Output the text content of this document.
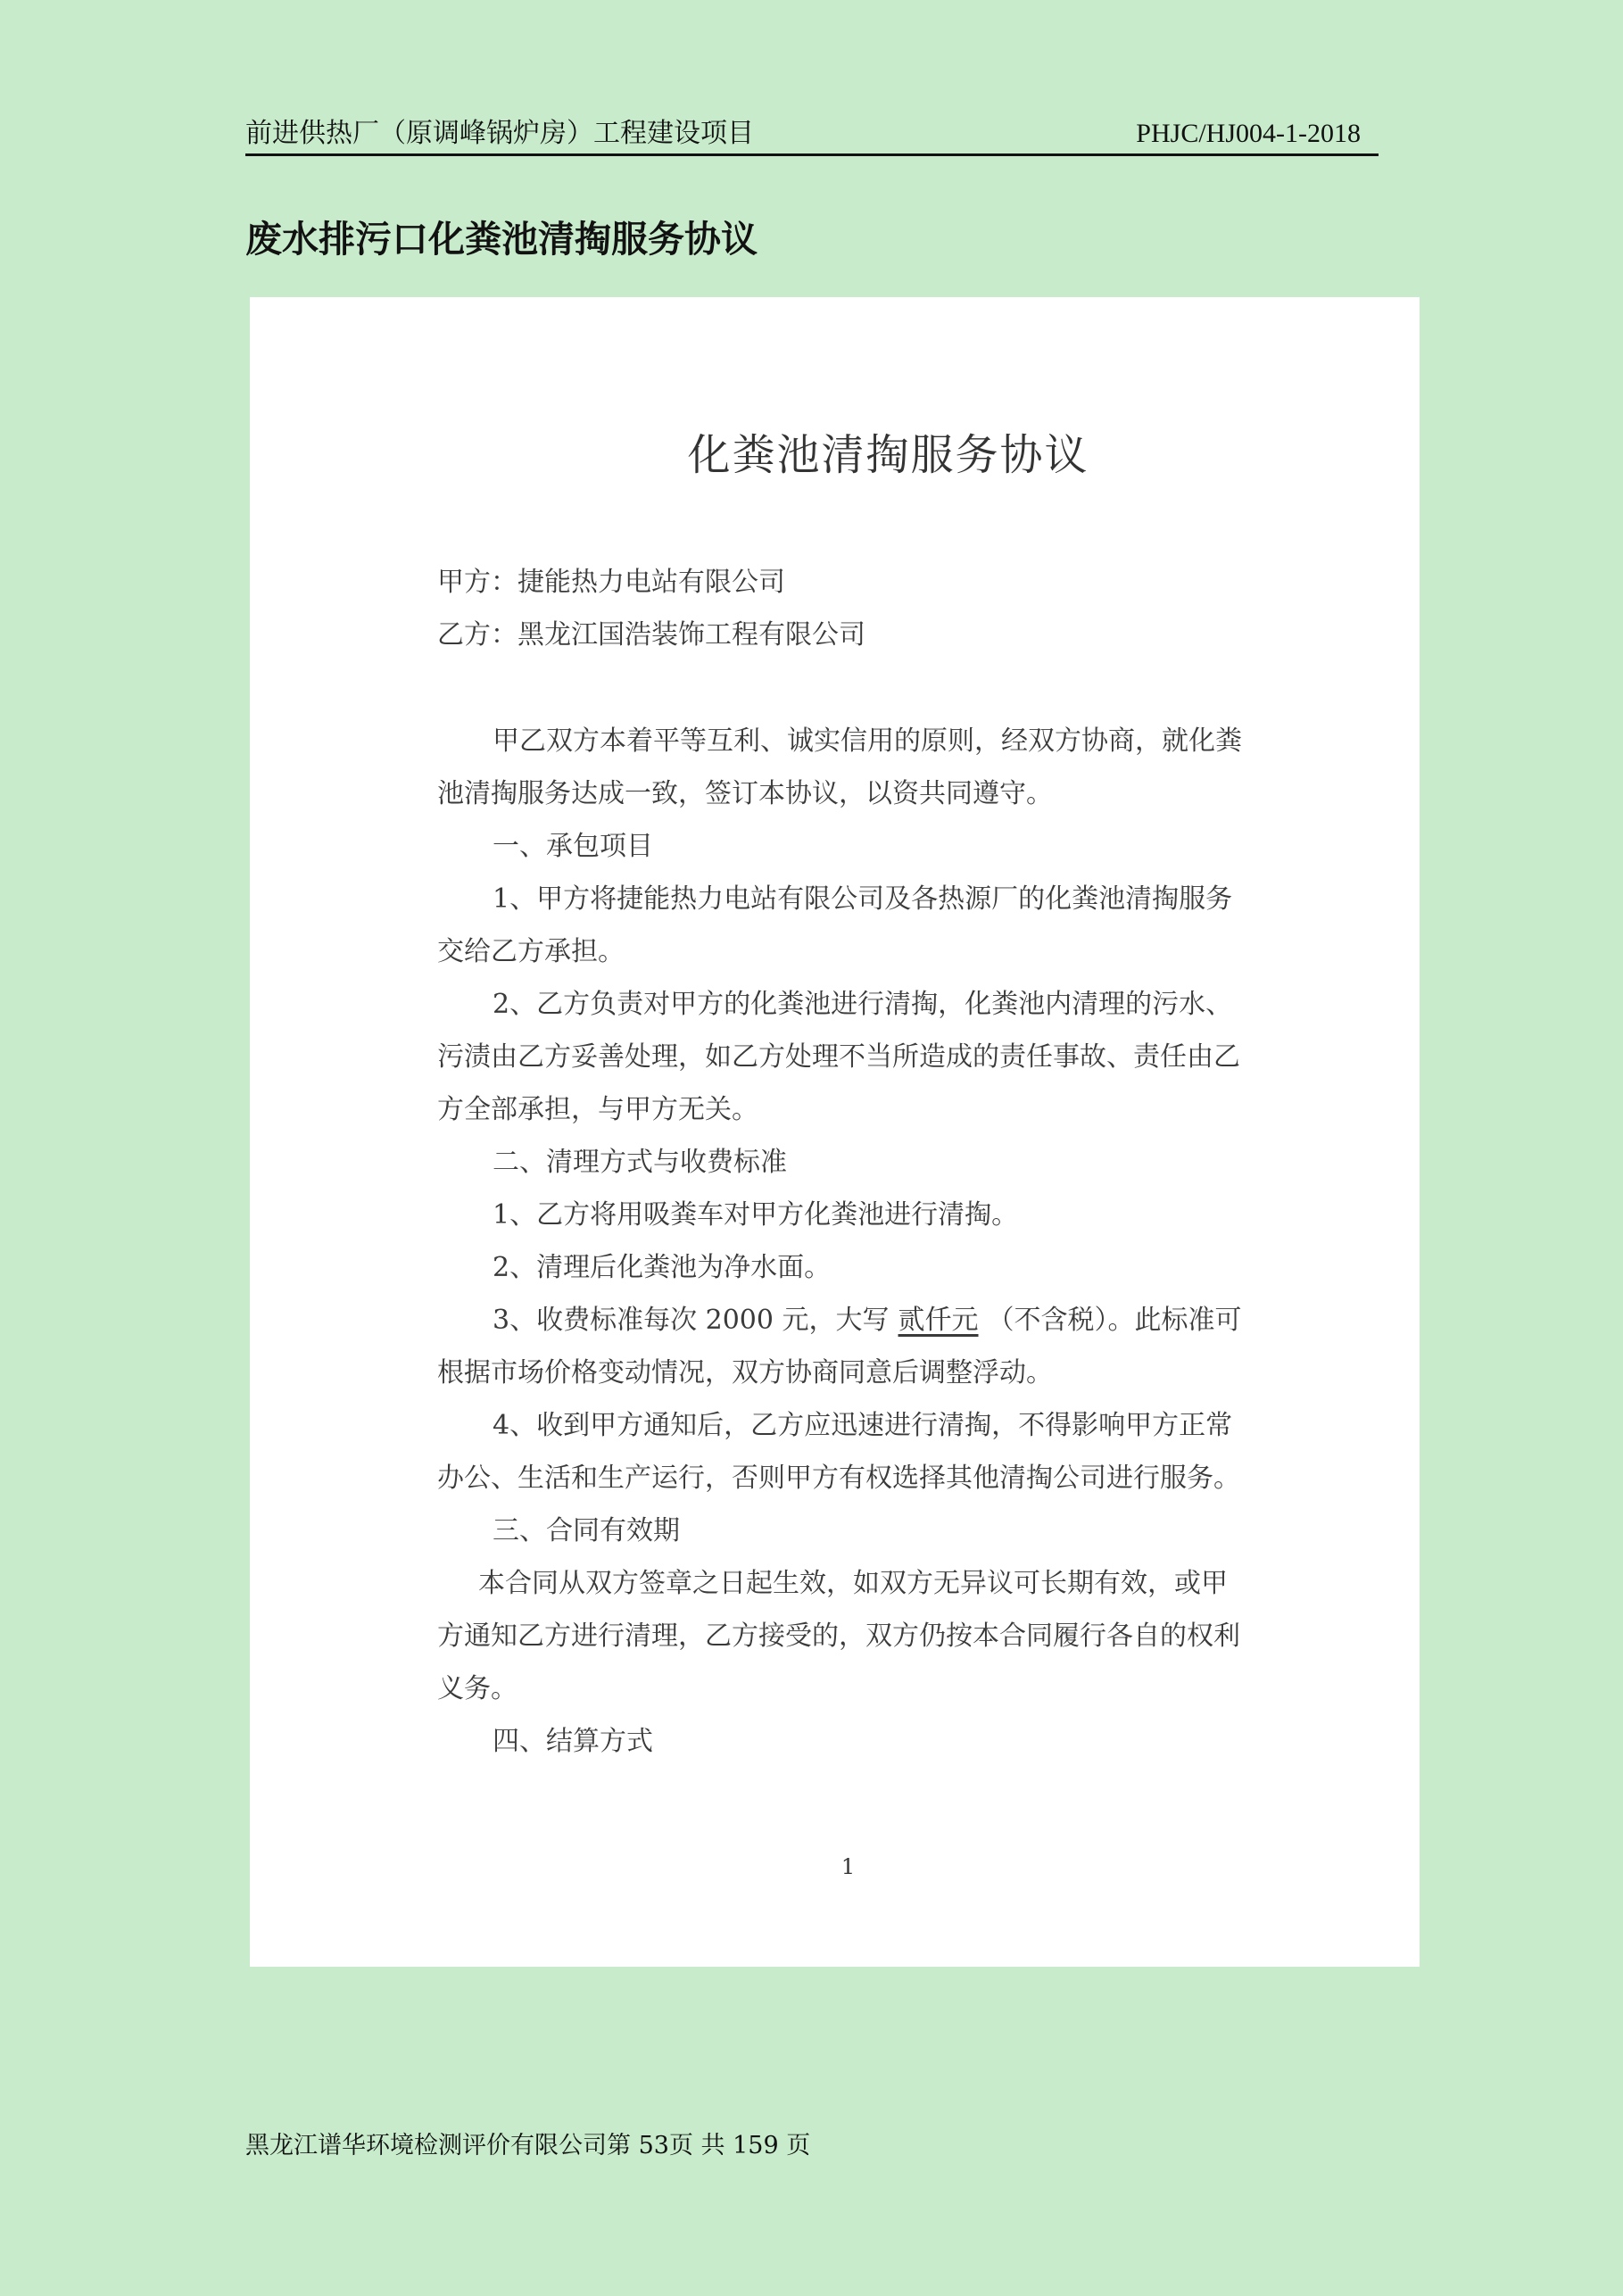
前进供热厂（原调峰锅炉房）工程建设项目	PHJC/HJ004-1-2018
废水排污口化粪池清掏服务协议
化粪池清掏服务协议

甲方：捷能热力电站有限公司

乙方：黑龙江国浩装饰工程有限公司

甲乙双方本着平等互利、诚实信用的原则，经双方协商，就化粪

池清掏服务达成一致，签订本协议，以资共同遵守。

一、承包项目

1、甲方将捷能热力电站有限公司及各热源厂的化粪池清掏服务

交给乙方承担。

2、乙方负责对甲方的化粪池进行清掏，化粪池内清理的污水、

污渍由乙方妥善处理，如乙方处理不当所造成的责任事故、责任由乙

方全部承担，与甲方无关。

二、清理方式与收费标准

1、乙方将用吸粪车对甲方化粪池进行清掏。

2、清理后化粪池为净水面。

3、收费标准每次 2000 元，大写 贰仟元 （不含税）。此标准可

根据市场价格变动情况，双方协商同意后调整浮动。

4、收到甲方通知后，乙方应迅速进行清掏，不得影响甲方正常

办公、生活和生产运行，否则甲方有权选择其他清掏公司进行服务。

三、合同有效期

本合同从双方签章之日起生效，如双方无异议可长期有效，或甲

方通知乙方进行清理，乙方接受的，双方仍按本合同履行各自的权利

义务。

四、结算方式

1
黑龙江谱华环境检测评价有限公司第 53页 共 159 页
